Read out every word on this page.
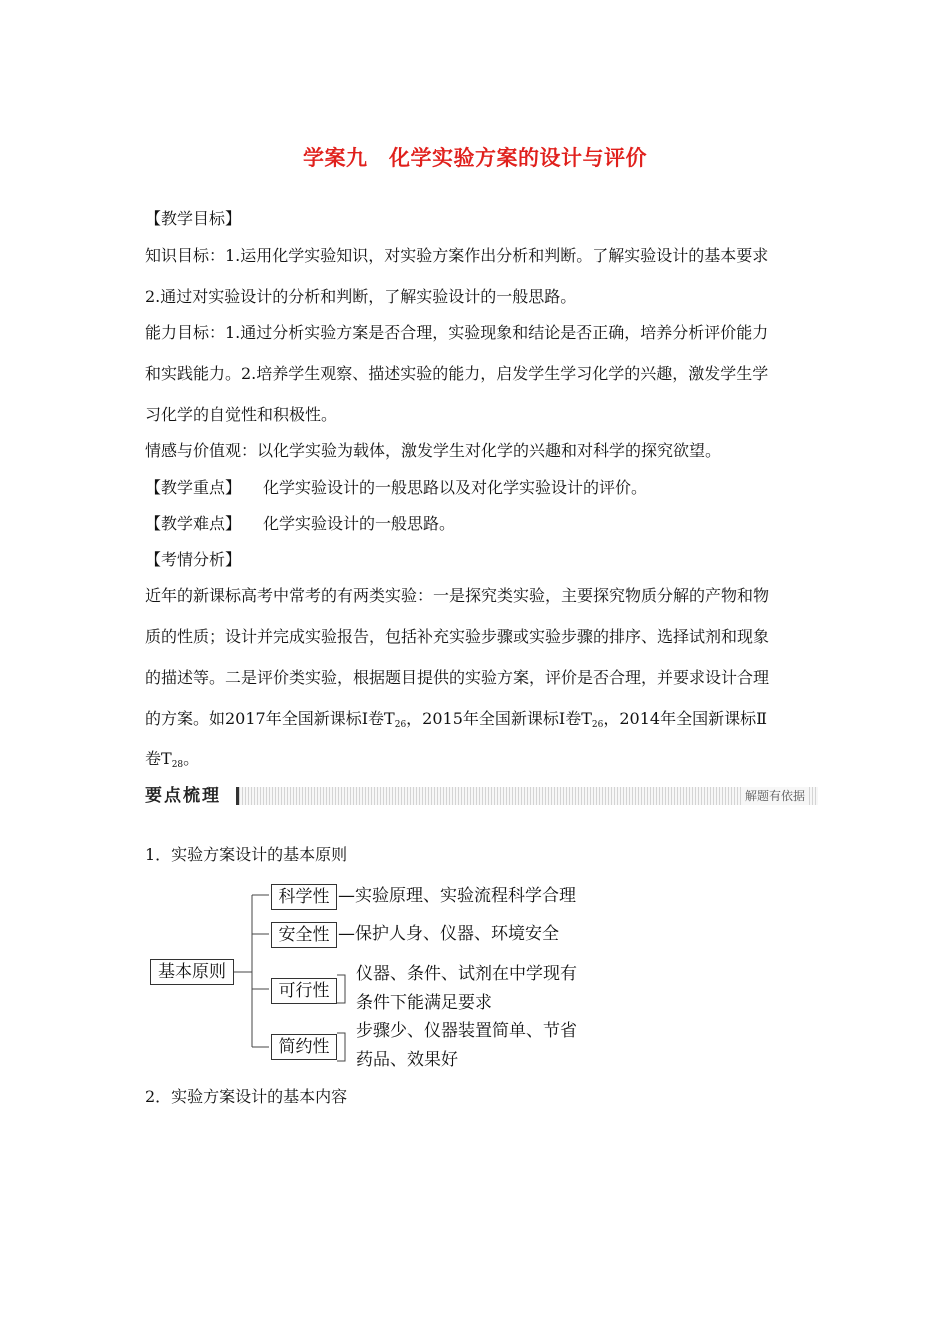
学案九　化学实验方案的设计与评价
【教学目标】
知识目标：1.运用化学实验知识，对实验方案作出分析和判断。了解实验设计的基本要求
2.通过对实验设计的分析和判断，了解实验设计的一般思路。
能力目标：1.通过分析实验方案是否合理，实验现象和结论是否正确，培养分析评价能力
和实践能力。2.培养学生观察、描述实验的能力，启发学生学习化学的兴趣，激发学生学
习化学的自觉性和积极性。
情感与价值观：以化学实验为载体，激发学生对化学的兴趣和对科学的探究欲望。
【教学重点】 化学实验设计的一般思路以及对化学实验设计的评价。
【教学难点】 化学实验设计的一般思路。
【考情分析】
近年的新课标高考中常考的有两类实验：一是探究类实验，主要探究物质分解的产物和物
质的性质；设计并完成实验报告，包括补充实验步骤或实验步骤的排序、选择试剂和现象
的描述等。二是评价类实验，根据题目提供的实验方案，评价是否合理，并要求设计合理
的方案。如2017年全国新课标Ⅰ卷$T_{26}$，2015年全国新课标Ⅰ卷$T_{26}$，2014年全国新课标Ⅱ
卷$T_{28}$。
要点梳理	解题有依据
1．实验方案设计的基本原则
基本原则
科学性 —实验原理、实验流程科学合理
安全性 —保护人身、仪器、环境安全
可行性
仪器、条件、试剂在中学现有
条件下能满足要求
简约性
步骤少、仪器装置简单、节省
药品、效果好
2．实验方案设计的基本内容
